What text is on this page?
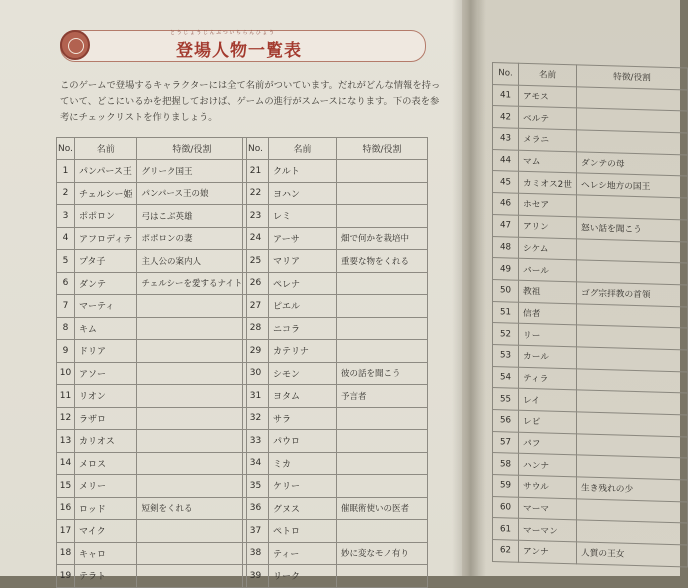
とうじょうじんぶついちらんひょう
登場人物一覧表
このゲームで登場するキャラクターには全て名前がついています。だれがどんな情報を持っていて、どこにいるかを把握しておけば、ゲームの進行がスムースになります。下の表を参考にチェックリストを作りましょう。
No.	名前	特徴/役割
1	パンパース王	グリーク国王
2	チェルシー姫	パンパース王の娘
3	ポポロン	弓はこぶ英雄
4	アフロディテ	ポポロンの妻
5	プタ子	主人公の案内人
6	ダンテ	チェルシーを愛するナイト
7	マーティ	
8	キム	
9	ドリア	
10	アソー	
11	リオン	
12	ラザロ	
13	カリオス	
14	メロス	
15	メリー	
16	ロッド	短剣をくれる
17	マイク	
18	キャロ	
19	テラト	
No.	名前	特徴/役割
21	クルト	
22	ヨハン	
23	レミ	
24	アーサ	畑で何かを栽培中
25	マリア	重要な物をくれる
26	ペレナ	
27	ピエル	
28	ニコラ	
29	カテリナ	
30	シモン	彼の話を聞こう
31	ヨタム	予言者
32	サラ	
33	パウロ	
34	ミカ	
35	ケリー	
36	グヌス	催眠術使いの医者
37	ペトロ	
38	ティー	妙に変なモノ有り
39	リーク	
No.	名前	特徴/役割
41	アモス	
42	ベルテ	
43	メラニ	
44	マム	ダンテの母
45	カミオス2世	ヘレシ地方の国王
46	ホセア	
47	アリン	怒い話を聞こう
48	シケム	
49	バール	
50	教祖	ゴグ宗拝教の首領
51	信者	
52	リー	
53	カール	
54	ティラ	
55	レイ	
56	レビ	
57	パフ	
58	ハンナ	
59	サウル	生き残れの少
60	マーマ	
61	マーマン	
62	アンナ	人質の王女
